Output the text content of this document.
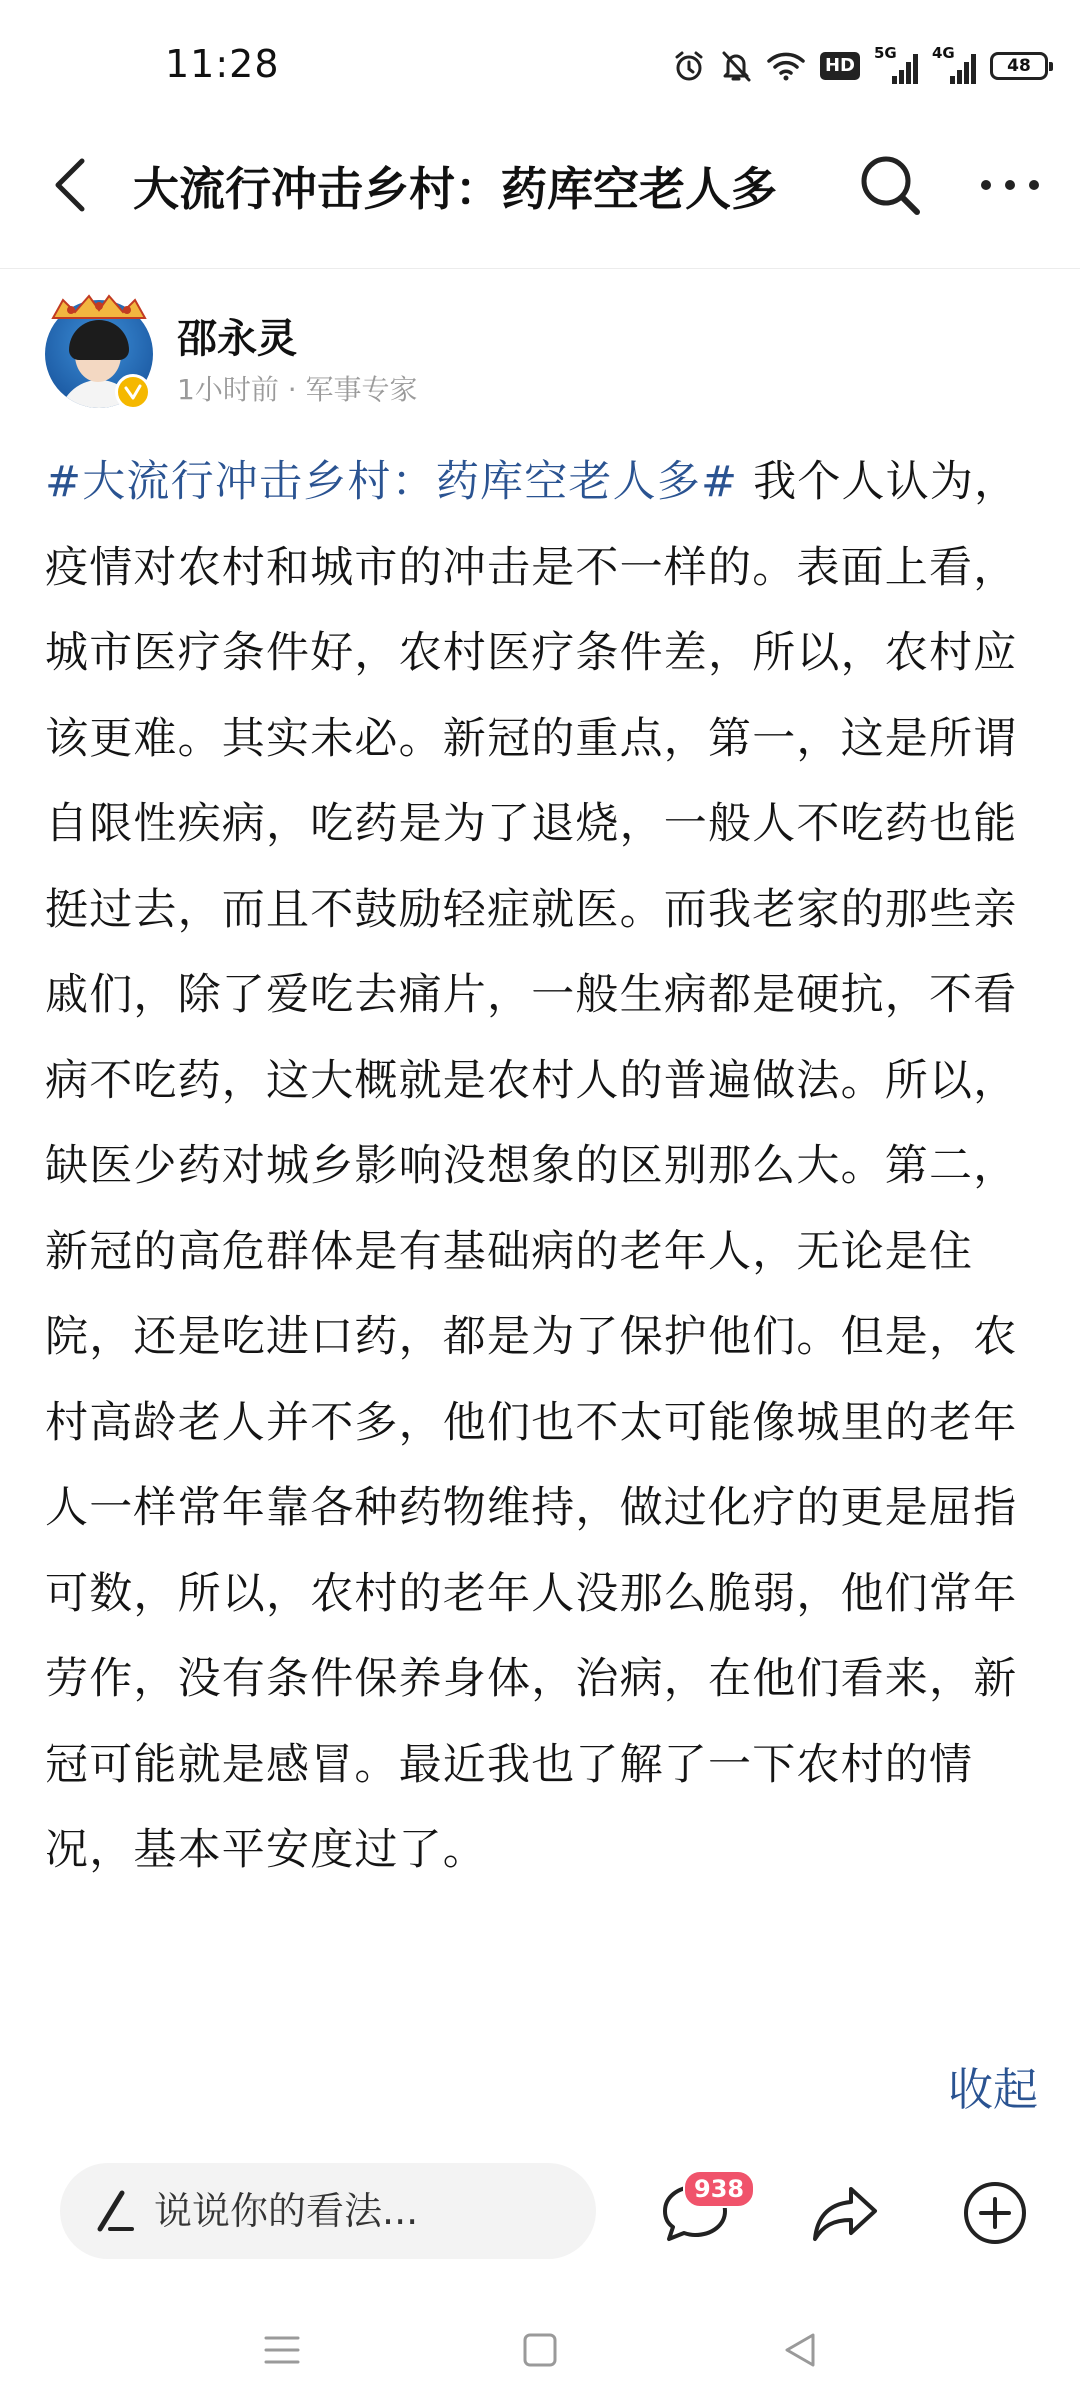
11:28	HD
5G 4G
48
大流行冲击乡村：药库空老人多
邵永灵
1小时前 · 军事专家
#大流行冲击乡村：药库空老人多# 我个人认为，疫情对农村和城市的冲击是不一样的。表面上看，城市医疗条件好，农村医疗条件差，所以，农村应该更难。其实未必。新冠的重点，第一，这是所谓自限性疾病，吃药是为了退烧，一般人不吃药也能挺过去，而且不鼓励轻症就医。而我老家的那些亲戚们，除了爱吃去痛片，一般生病都是硬抗，不看病不吃药，这大概就是农村人的普遍做法。所以，缺医少药对城乡影响没想象的区别那么大。第二，新冠的高危群体是有基础病的老年人，无论是住院，还是吃进口药，都是为了保护他们。但是，农村高龄老人并不多，他们也不太可能像城里的老年人一样常年靠各种药物维持，做过化疗的更是屈指可数，所以，农村的老年人没那么脆弱，他们常年劳作，没有条件保养身体，治病，在他们看来，新冠可能就是感冒。最近我也了解了一下农村的情况，基本平安度过了。
收起
说说你的看法...	938
